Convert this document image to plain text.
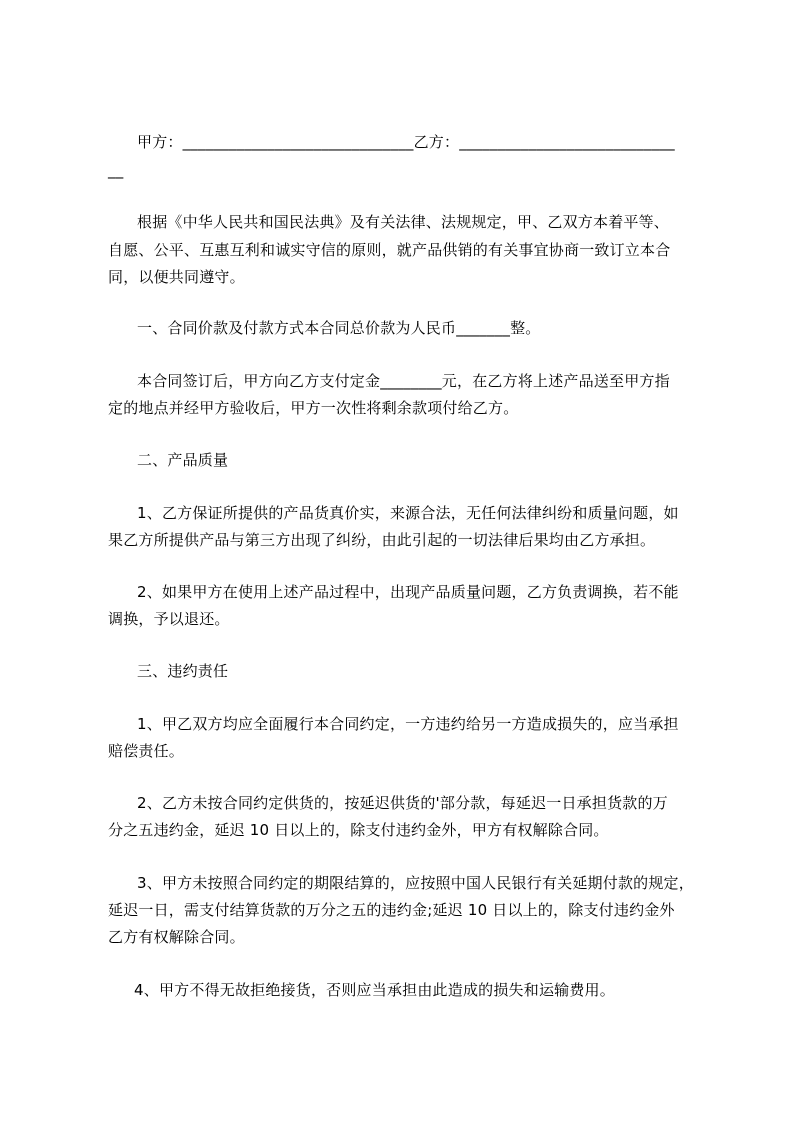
甲方：______________________________乙方：____________________________
__
根据《中华人民共和国民法典》及有关法律、法规规定，甲、乙双方本着平等、
自愿、公平、互惠互利和诚实守信的原则，就产品供销的有关事宜协商一致订立本合
同，以便共同遵守。
一、合同价款及付款方式本合同总价款为人民币_______整。
本合同签订后，甲方向乙方支付定金________元，在乙方将上述产品送至甲方指
定的地点并经甲方验收后，甲方一次性将剩余款项付给乙方。
二、产品质量
1、乙方保证所提供的产品货真价实，来源合法，无任何法律纠纷和质量问题，如
果乙方所提供产品与第三方出现了纠纷，由此引起的一切法律后果均由乙方承担。
2、如果甲方在使用上述产品过程中，出现产品质量问题，乙方负责调换，若不能
调换，予以退还。
三、违约责任
1、甲乙双方均应全面履行本合同约定，一方违约给另一方造成损失的，应当承担
赔偿责任。
2、乙方未按合同约定供货的，按延迟供货的'部分款，每延迟一日承担货款的万
分之五违约金，延迟 10 日以上的，除支付违约金外，甲方有权解除合同。
3、甲方未按照合同约定的期限结算的，应按照中国人民银行有关延期付款的规定，
延迟一日，需支付结算货款的万分之五的违约金;延迟 10 日以上的，除支付违约金外
乙方有权解除合同。
4、甲方不得无故拒绝接货，否则应当承担由此造成的损失和运输费用。
